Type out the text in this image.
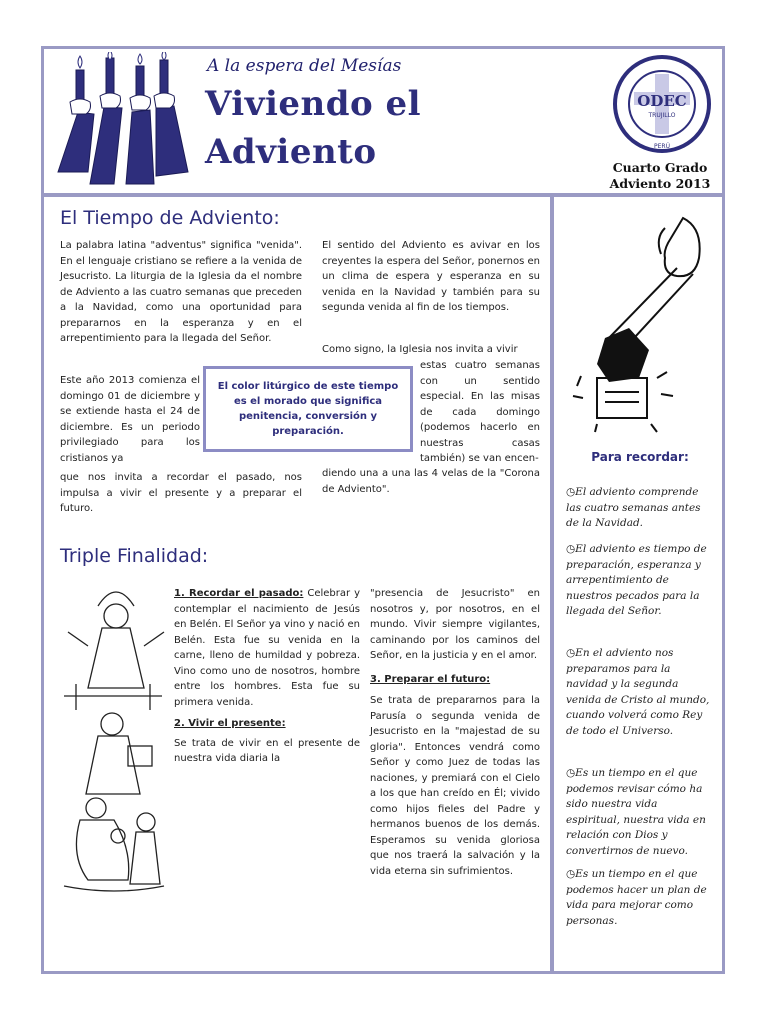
A la espera del Mesías
Viviendo el
Adviento
ODEC
TRUJILLO
PERÚ
Cuarto Grado
Adviento 2013
El Tiempo de Adviento:
La palabra latina "adventus" significa "venida". En el lenguaje cristiano se refiere a la venida de Jesucristo. La liturgia de la Iglesia da el nombre de Adviento a las cuatro semanas que preceden a la Navidad, como una oportunidad para prepararnos en la esperanza y en el arrepentimiento para la llegada del Señor.
Este año 2013 comienza el domingo 01 de diciembre y se extiende hasta el 24 de diciembre. Es un periodo privilegiado para los cristianos ya
que nos invita a recordar el pasado, nos impulsa a vivir el presente y a preparar el futuro.
El sentido del Adviento es avivar en los creyentes la espera del Señor, ponernos en un clima de espera y esperanza en su venida en la Navidad y también para su segunda venida al fin de los tiempos.
Como signo, la Iglesia nos invita a vivir
estas cuatro semanas con un sentido especial. En las misas de cada domingo (podemos hacerlo en nuestras casas también) se van encen-
diendo una a una las 4 velas de la "Corona de Adviento".
El color litúrgico de este tiempo es el morado que significa penitencia, conversión y preparación.
Triple Finalidad:
1. Recordar el pasado: Celebrar y contemplar el nacimiento de Jesús en Belén. El Señor ya vino y nació en Belén. Esta fue su venida en la carne, lleno de humildad y pobreza. Vino como uno de nosotros, hombre entre los hombres. Esta fue su primera venida.
2. Vivir el presente:
Se trata de vivir en el presente de nuestra vida diaria la
"presencia de Jesucristo" en nosotros y, por nosotros, en el mundo. Vivir siempre vigilantes, caminando por los caminos del Señor, en la justicia y en el amor.
3. Preparar el futuro:
Se trata de prepararnos para la Parusía o segunda venida de Jesucristo en la "majestad de su gloria". Entonces vendrá como Señor y como Juez de todas las naciones, y premiará con el Cielo a los que han creído en Él; vivido como hijos fieles del Padre y hermanos buenos de los demás. Esperamos su venida gloriosa que nos traerá la salvación y la vida eterna sin sufrimientos.
Para recordar:
◷El adviento comprende las cuatro semanas antes de la Navidad.
◷El adviento es tiempo de preparación, esperanza y arrepentimiento de nuestros pecados para la llegada del Señor.
◷En el adviento nos preparamos para la navidad y la segunda venida de Cristo al mundo, cuando volverá como Rey de todo el Universo.
◷Es un tiempo en el que podemos revisar cómo ha sido nuestra vida espiritual, nuestra vida en relación con Dios y convertirnos de nuevo.
◷Es un tiempo en el que podemos hacer un plan de vida para mejorar como personas.
